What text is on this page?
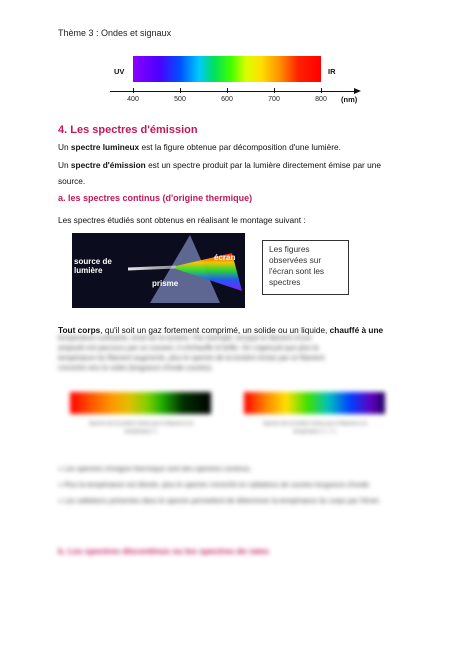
Thème 3 : Ondes et signaux
UV	IR
400	500	600	700	800 (nm)
4. Les spectres d'émission
Un spectre lumineux est la figure obtenue par décomposition d'une lumière.
Un spectre d'émission est un spectre produit par la lumière directement émise par une
source.
a. les spectres continus (d'origine thermique)
Les spectres étudiés sont obtenus en réalisant le montage suivant :
source de
lumière
prisme
écran
Les figures observées sur l'écran sont les spectres
Tout corps, qu'il soit un gaz fortement comprimé, un solide ou un liquide, chauffé à une
température suffisante, émet de la lumière. Par exemple, lorsque le filament d'une
ampoule est parcouru par un courant, il s'échauffe et brille. On s'aperçoit que plus la
température du filament augmente, plus le spectre de la lumière émise par ce filament
s'enrichit vers le violet (longueurs d'onde courtes).
Spectre de la lumière émise par le filament à la température T₁
Spectre de la lumière émise par le filament à la température T₂ > T₁
» Les spectres d'origine thermique sont des spectres continus.
» Plus la température est élevée, plus le spectre s'enrichit en radiations de courtes longueurs d'onde.
» Les radiations présentes dans le spectre permettent de déterminer la température du corps par l'émet.
b. Les spectres discontinus ou les spectres de raies
